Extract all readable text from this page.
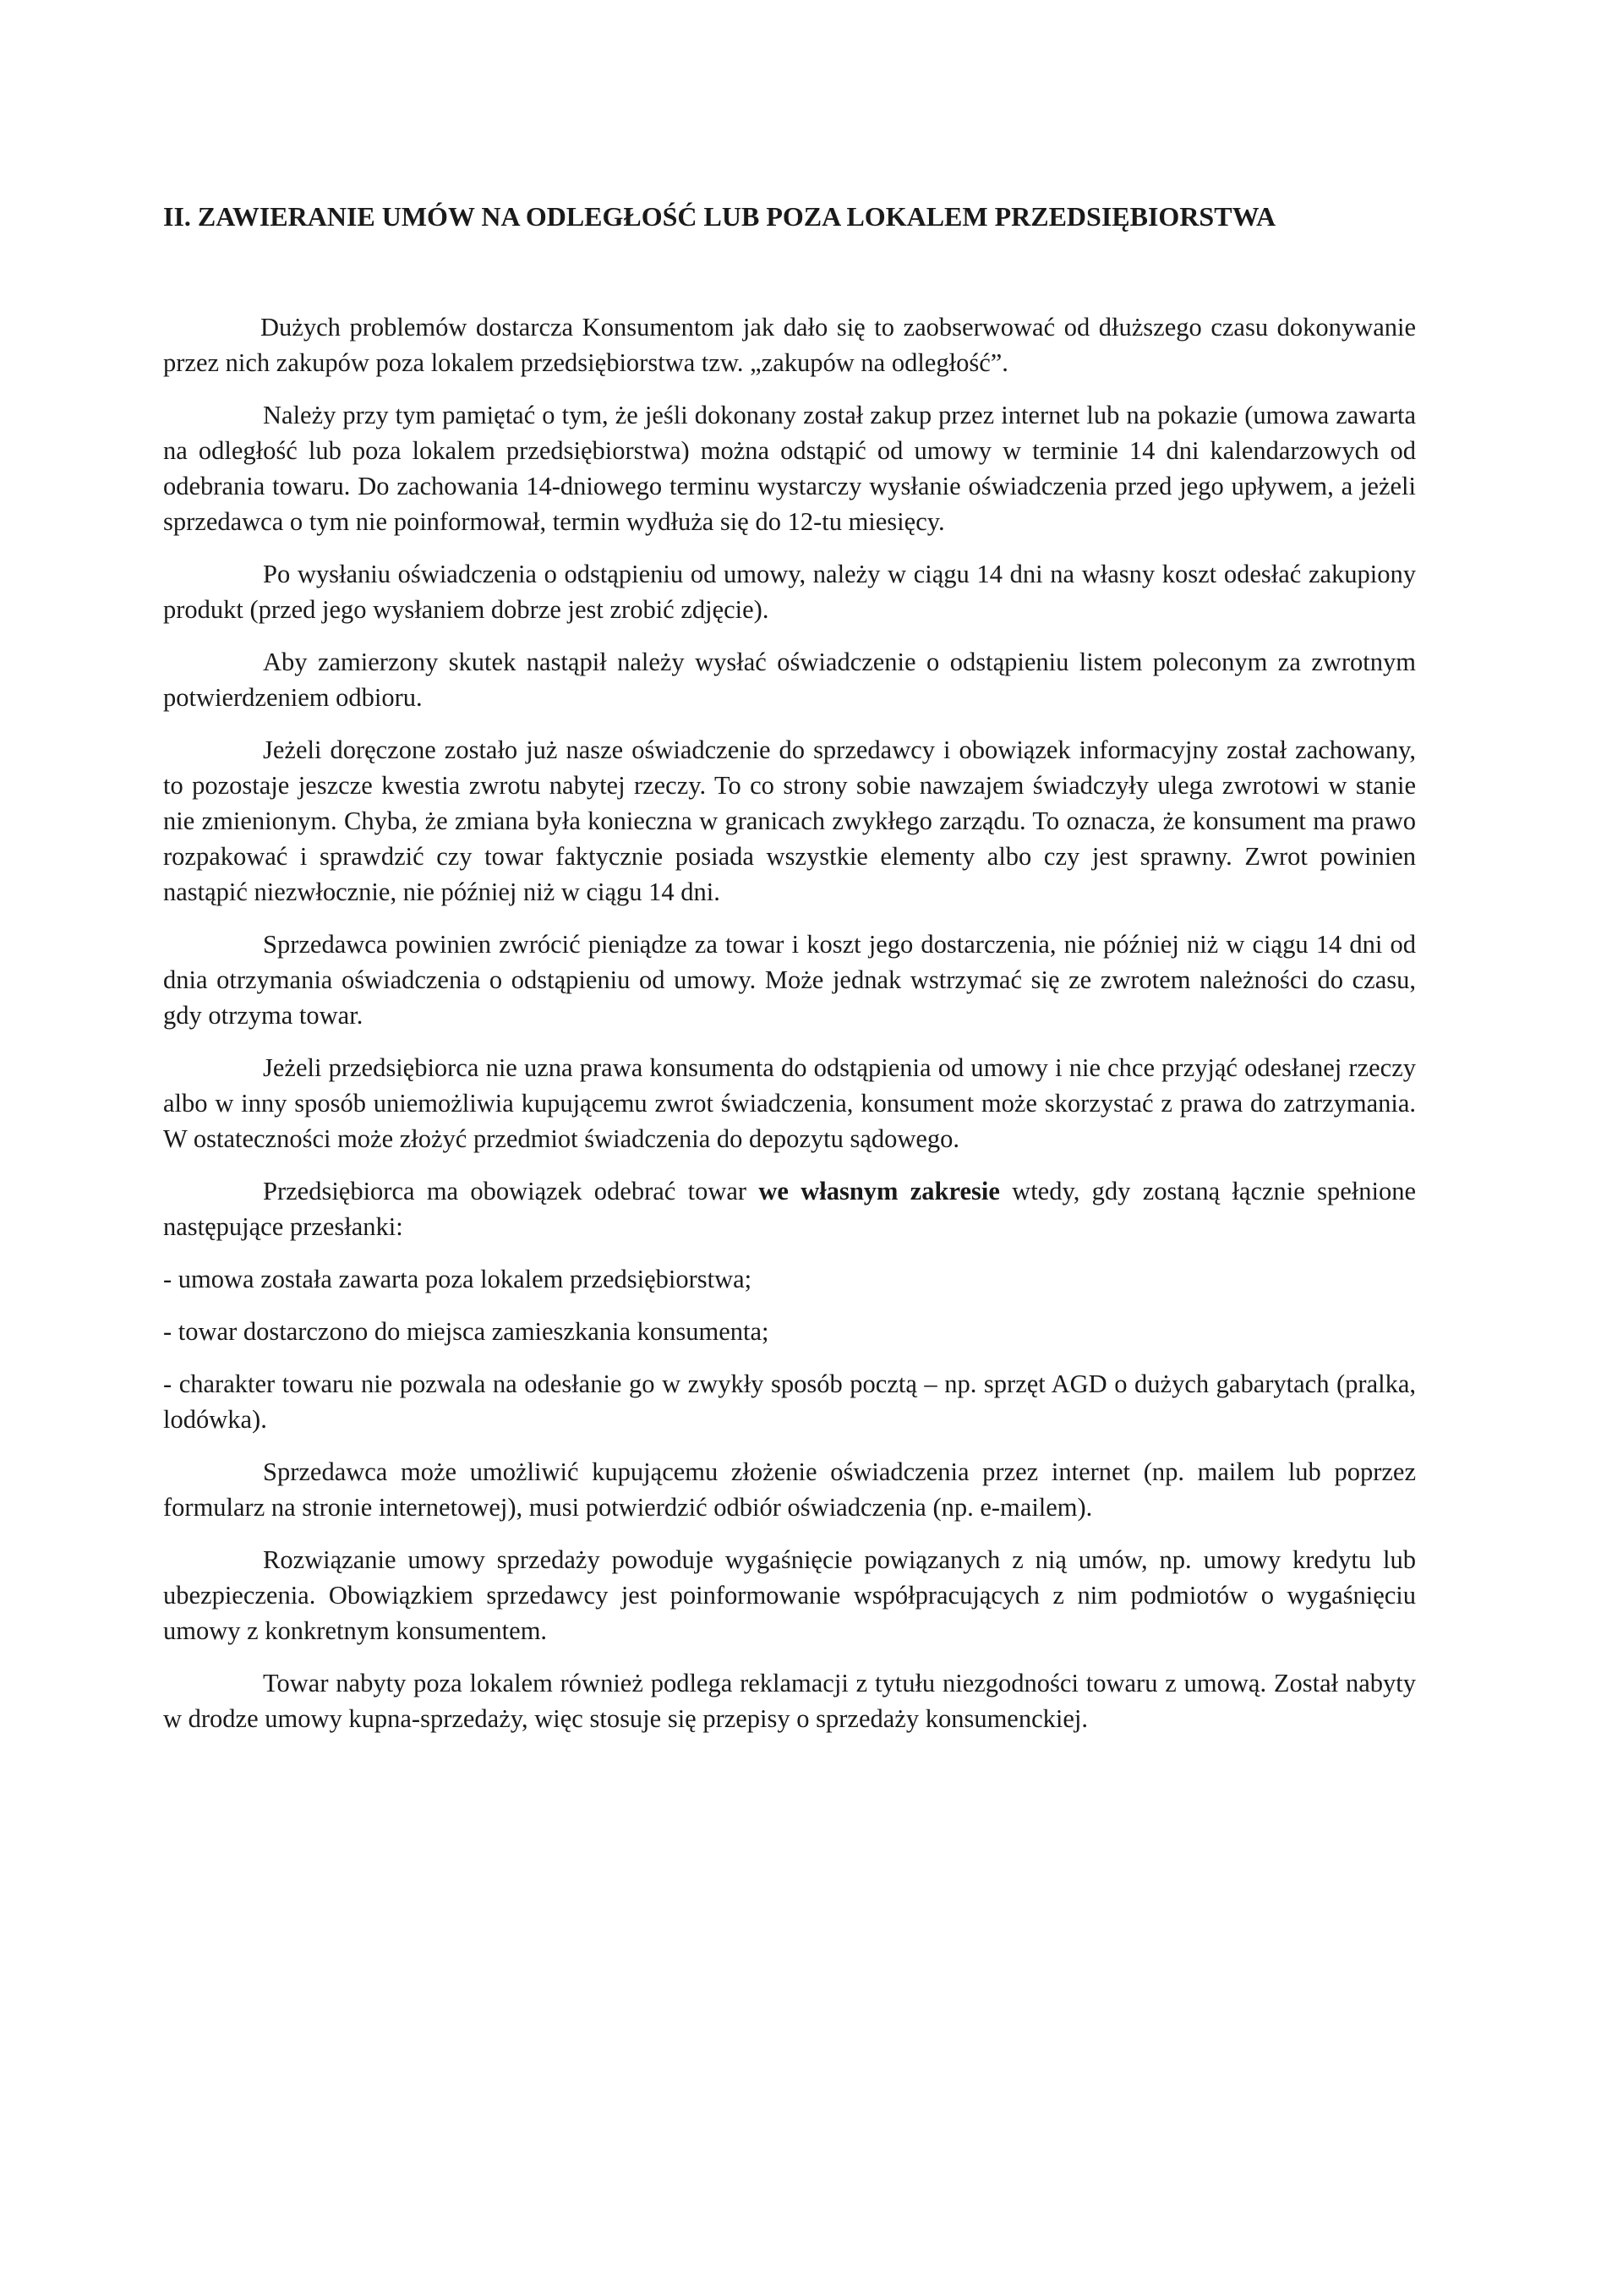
II. ZAWIERANIE UMÓW NA ODLEGŁOŚĆ LUB POZA LOKALEM PRZEDSIĘBIORSTWA

Dużych problemów dostarcza Konsumentom jak dało się to zaobserwować od dłuższego czasu dokonywanie przez nich zakupów poza lokalem przedsiębiorstwa tzw. „zakupów na odległość”.

Należy przy tym pamiętać o tym, że jeśli dokonany został zakup przez internet lub na pokazie (umowa zawarta na odległość lub poza lokalem przedsiębiorstwa) można odstąpić od umowy w terminie 14 dni kalendarzowych od odebrania towaru. Do zachowania 14-dniowego terminu wystarczy wysłanie oświadczenia przed jego upływem, a jeżeli sprzedawca o tym nie poinformował, termin wydłuża się do 12-tu miesięcy.

Po wysłaniu oświadczenia o odstąpieniu od umowy, należy w ciągu 14 dni na własny koszt odesłać zakupiony produkt (przed jego wysłaniem dobrze jest zrobić zdjęcie).

Aby zamierzony skutek nastąpił należy wysłać oświadczenie o odstąpieniu listem poleconym za zwrotnym potwierdzeniem odbioru.

Jeżeli doręczone zostało już nasze oświadczenie do sprzedawcy i obowiązek informacyjny został zachowany, to pozostaje jeszcze kwestia zwrotu nabytej rzeczy. To co strony sobie nawzajem świadczyły ulega zwrotowi w stanie nie zmienionym. Chyba, że zmiana była konieczna w granicach zwykłego zarządu. To oznacza, że konsument ma prawo rozpakować i sprawdzić czy towar faktycznie posiada wszystkie elementy albo czy jest sprawny. Zwrot powinien nastąpić niezwłocznie, nie później niż w ciągu 14 dni.

Sprzedawca powinien zwrócić pieniądze za towar i koszt jego dostarczenia, nie później niż w ciągu 14 dni od dnia otrzymania oświadczenia o odstąpieniu od umowy. Może jednak wstrzymać się ze zwrotem należności do czasu, gdy otrzyma towar.

Jeżeli przedsiębiorca nie uzna prawa konsumenta do odstąpienia od umowy i nie chce przyjąć odesłanej rzeczy albo w inny sposób uniemożliwia kupującemu zwrot świadczenia, konsument może skorzystać z prawa do zatrzymania. W ostateczności może złożyć przedmiot świadczenia do depozytu sądowego.

Przedsiębiorca ma obowiązek odebrać towar we własnym zakresie wtedy, gdy zostaną łącznie spełnione następujące przesłanki:

- umowa została zawarta poza lokalem przedsiębiorstwa;

- towar dostarczono do miejsca zamieszkania konsumenta;

- charakter towaru nie pozwala na odesłanie go w zwykły sposób pocztą – np. sprzęt AGD o dużych gabarytach (pralka, lodówka).

Sprzedawca może umożliwić kupującemu złożenie oświadczenia przez internet (np. mailem lub poprzez formularz na stronie internetowej), musi potwierdzić odbiór oświadczenia (np. e-mailem).

Rozwiązanie umowy sprzedaży powoduje wygaśnięcie powiązanych z nią umów, np. umowy kredytu lub ubezpieczenia. Obowiązkiem sprzedawcy jest poinformowanie współpracujących z nim podmiotów o wygaśnięciu umowy z konkretnym konsumentem.

Towar nabyty poza lokalem również podlega reklamacji z tytułu niezgodności towaru z umową. Został nabyty w drodze umowy kupna-sprzedaży, więc stosuje się przepisy o sprzedaży konsumenckiej.
